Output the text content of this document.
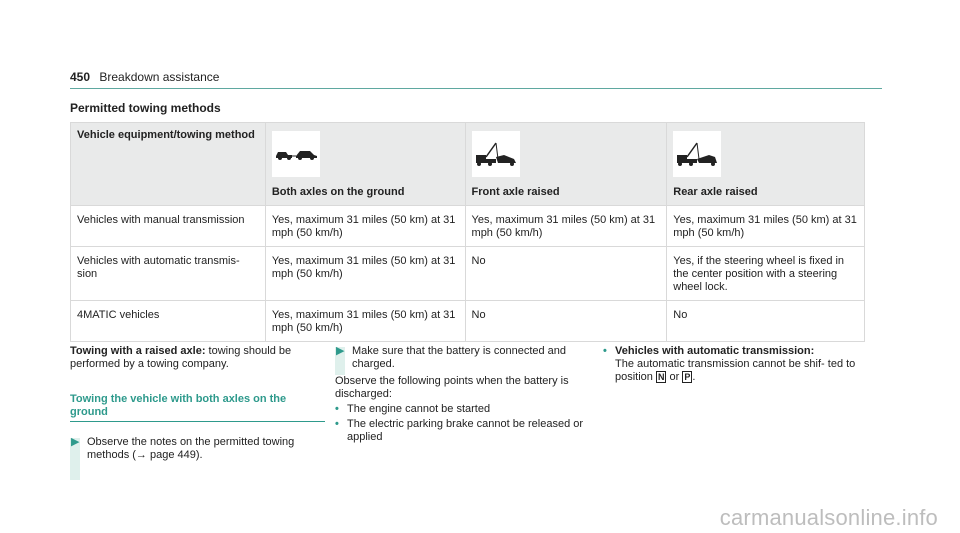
450 Breakdown assistance
Permitted towing methods
Vehicle equipment/towing method	Both axles on the ground	Front axle raised	Rear axle raised

Vehicles with manual transmission	Yes, maximum 31 miles (50 km) at 31 mph (50 km/h)	Yes, maximum 31 miles (50 km) at 31 mph (50 km/h)	Yes, maximum 31 miles (50 km) at 31 mph (50 km/h)
Vehicles with automatic transmis- sion	Yes, maximum 31 miles (50 km) at 31 mph (50 km/h)	No	Yes, if the steering wheel is fixed in the center position with a steering wheel lock.
4MATIC vehicles	Yes, maximum 31 miles (50 km) at 31 mph (50 km/h)	No	No
Towing with a raised axle: towing should be performed by a towing company.
Towing the vehicle with both axles on the ground
▶ Observe the notes on the permitted towing methods (→ page 449).
▶ Make sure that the battery is connected and charged.
Observe the following points when the battery is discharged:
• The engine cannot be started
• The electric parking brake cannot be released or applied
• Vehicles with automatic transmission:
The automatic transmission cannot be shif- ted to position N or P .
carmanualsonline.info
